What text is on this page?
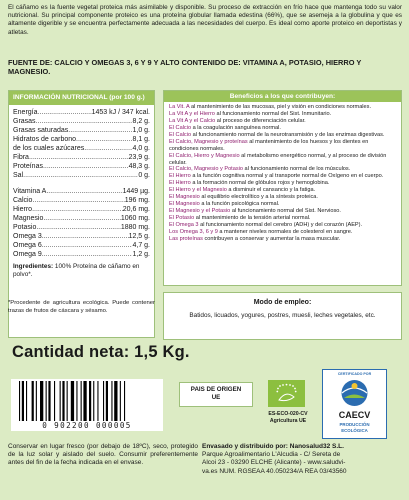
El cáñamo es la fuente vegetal proteica más asimilable y disponible. Su proceso de extracción en frío hace que mantenga todo su valor nutricional. Su principal componente proteico es una proteína globular llamada edestina (66%), que se asemeja a la globulina y que es altamente digerible y se encuentra perfectamente adecuada a las necesidades del cuerpo. Es ideal como aporte proteico en deportistas y atletas.
FUENTE DE: CALCIO Y OMEGAS 3, 6 Y 9 Y ALTO CONTENIDO DE: VITAMINA A, POTASIO, HIERRO Y MAGNESIO.
INFORMACIÓN NUTRICIONAL (por 100 g.)
Energía .....	1453 kJ / 347 kcal.
Grasas .....	8,2 g.
Grasas saturadas .....	1,0 g.
Hidratos de carbono .....	8,1 g.
de los cuales azúcares .....	4,0 g.
Fibra .....	23,9 g.
Proteínas .....	48,3 g.
Sal .....	0 g.
Vitamina A .....	1449 µg.
Calcio .....	196 mg.
Hierro .....	20,6 mg.
Magnesio .....	1060 mg.
Potasio .....	1880 mg.
Omega 3 .....	12,5 g.
Omega 6 .....	4,7 g.
Omega 9 .....	1,2 g.
Ingredientes: 100% Proteína de cáñamo en polvo*.
*Procedente de agricultura ecológica. Puede contener trazas de frutos de cáscara y sésamo.
Beneficios a los que contribuyen:
La Vit. A al mantenimiento de las mucosas, piel y visión en condiciones normales.
La Vit A y el Hierro al funcionamiento normal del Sist. Inmunitario.
La Vit A y el Calcio al proceso de diferenciación celular.
El Calcio a la coagulación sanguínea normal.
El Calcio al funcionamiento normal de la neurotransmisión y de las enzimas digestivas.
El Calcio, Magnesio y proteínas al mantenimiento de los huesos y los dientes en condiciones normales.
El Calcio, Hierro y Magnesio al metabolismo energético normal, y al proceso de división celular.
El Calcio, Magnesio y Potasio al funcionamiento normal de los músculos.
El Hierro a la función cognitiva normal y al transporte normal de Oxígeno en el cuerpo.
El Hierro a la formación normal de glóbulos rojos y hemoglobina.
El Hierro y el Magnesio a disminuir el cansancio y la fatiga.
El Magnesio al equilibrio electrolítico y a la síntesis proteica.
El Magnesio a la función psicológica normal.
El Magnesio y el Potasio al funcionamiento normal del Sist. Nervioso.
El Potasio al mantenimiento de la tensión arterial normal.
El Omega 3 al funcionamiento normal del cerebro (ADH) y del corazón (AEP).
Los Omega 3, 6 y 9 a mantener niveles normales de colesterol en sangre.
Las proteínas contribuyen a conservar y aumentar la masa muscular.
Modo de empleo:
Batidos, licuados, yogures, postres, muesli, leches vegetales, etc.
Cantidad neta: 1,5 Kg.
0 902200 000005
PAIS DE ORIGEN
UE
ES-ECO-020-CV
Agricultura UE
CERTIFICADO POR
CAECV
PRODUCCIÓN
ECOLÒGICA
Conservar en lugar fresco (por debajo de 18ºC), seco, protegido de la luz solar y aislado del suelo. Consumir preferentemente antes del fin de la fecha indicada en el envase.
Envasado y distribuido por: Nanosalud32 S.L.
Parque Agroalimentario L'Alcudia - C/ Sereta de
Alcoi 23 - 03290 ELCHE (Alicante) - www.saludvi-
va.es NUM. RGSEAA 40.050234/A REA 03/43560
